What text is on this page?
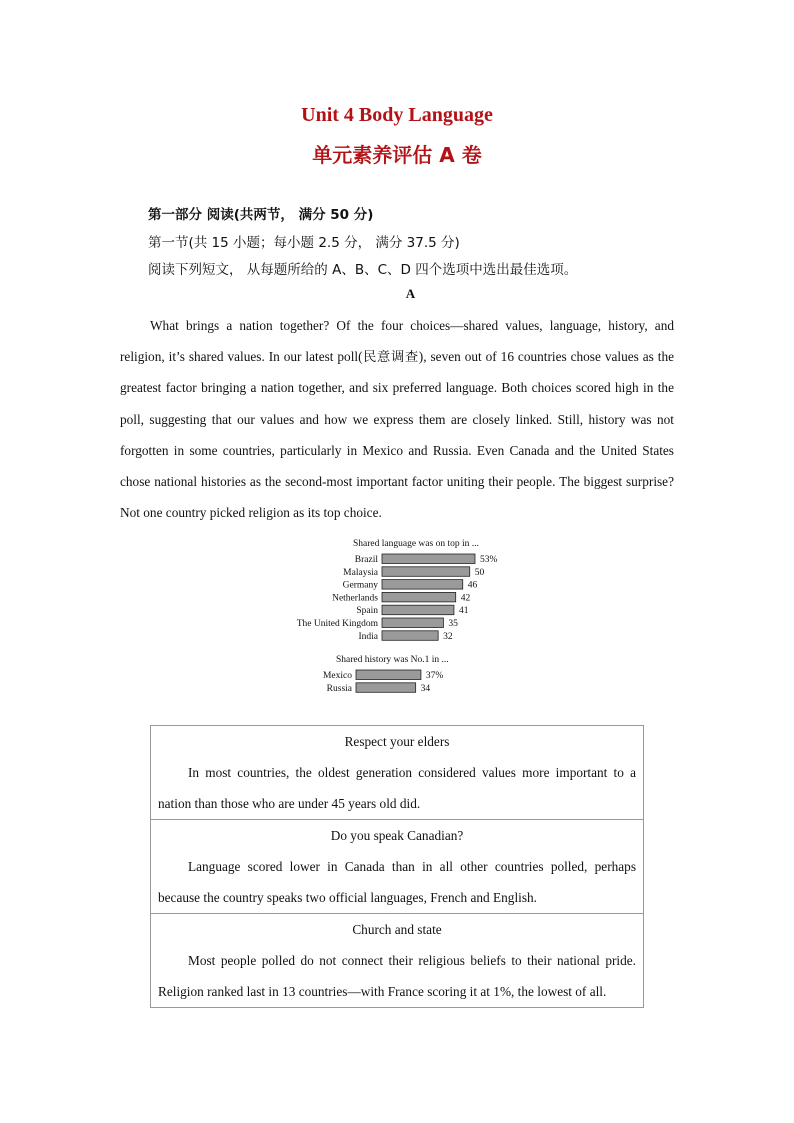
Unit 4 Body Language
单元素养评估 A 卷
第一部分 阅读(共两节， 满分 50 分)
第一节(共 15 小题；每小题 2.5 分， 满分 37.5 分)
阅读下列短文， 从每题所给的 A、B、C、D 四个选项中选出最佳选项。
A
What brings a nation together? Of the four choices—shared values, language, history, and religion, it’s shared values. In our latest poll(民意调查), seven out of 16 countries chose values as the greatest factor bringing a nation together, and six preferred language. Both choices scored high in the poll, suggesting that our values and how we express them are closely linked. Still, history was not forgotten in some countries, particularly in Mexico and Russia. Even Canada and the United States chose national histories as the second-most important factor uniting their people. The biggest surprise? Not one country picked religion as its top choice.
Shared language was on top in ...
Brazil	53%
Malaysia	50
Germany	46
Netherlands	42
Spain	41
The United Kingdom	35
India	32
Shared history was No.1 in ...
Mexico	37%
Russia	34
Respect your elders
In most countries, the oldest generation considered values more important to a nation than those who are under 45 years old did.
Do you speak Canadian?
Language scored lower in Canada than in all other countries polled, perhaps because the country speaks two official languages, French and English.
Church and state
Most people polled do not connect their religious beliefs to their national pride. Religion ranked last in 13 countries—with France scoring it at 1%, the lowest of all.
